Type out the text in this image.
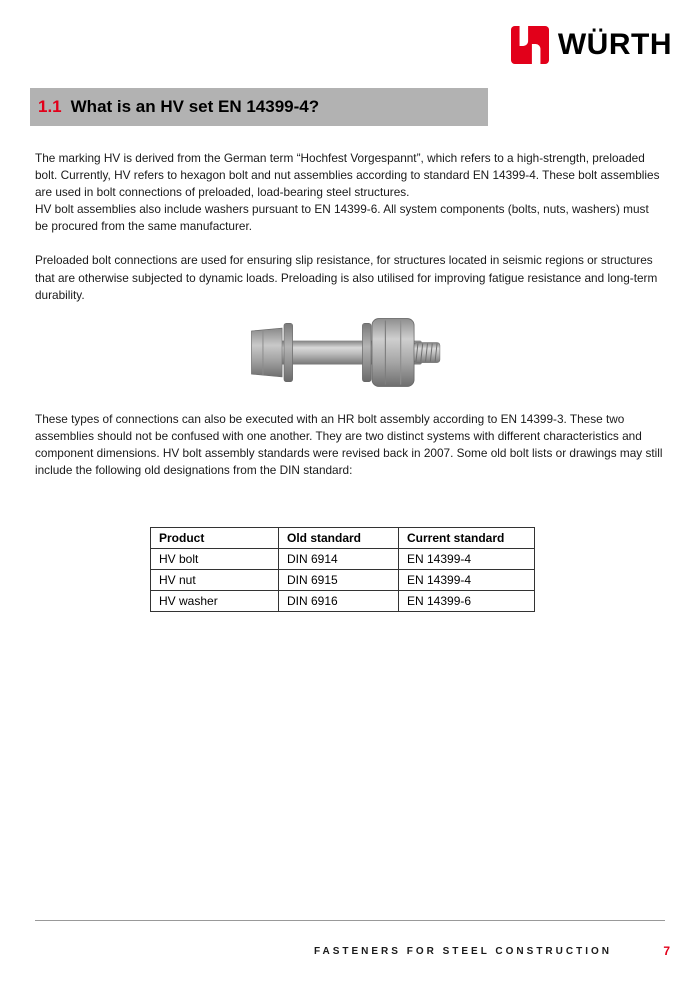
WÜRTH
1.1 What is an HV set EN 14399-4?

The marking HV is derived from the German term “Hochfest Vorgespannt”, which refers to a high-strength, preloaded bolt. Currently, HV refers to hexagon bolt and nut assemblies according to standard EN 14399-4. These bolt assemblies are used in bolt connections of preloaded, load-bearing steel structures.

HV bolt assemblies also include washers pursuant to EN 14399-6. All system components (bolts, nuts, washers) must be procured from the same manufacturer.

Preloaded bolt connections are used for ensuring slip resistance, for structures located in seismic regions or structures that are otherwise subjected to dynamic loads. Preloading is also utilised for improving fatigue resistance and long-term durability.

These types of connections can also be executed with an HR bolt assembly according to EN 14399-3. These two assemblies should not be confused with one another. They are two distinct systems with different characteristics and component dimensions. HV bolt assembly standards were revised back in 2007. Some old bolt lists or drawings may still include the following old designations from the DIN standard:

Product	Old standard	Current standard
HV bolt	DIN 6914	EN 14399-4
HV nut	DIN 6915	EN 14399-4
HV washer	DIN 6916	EN 14399-6
FASTENERS FOR STEEL CONSTRUCTION	7
